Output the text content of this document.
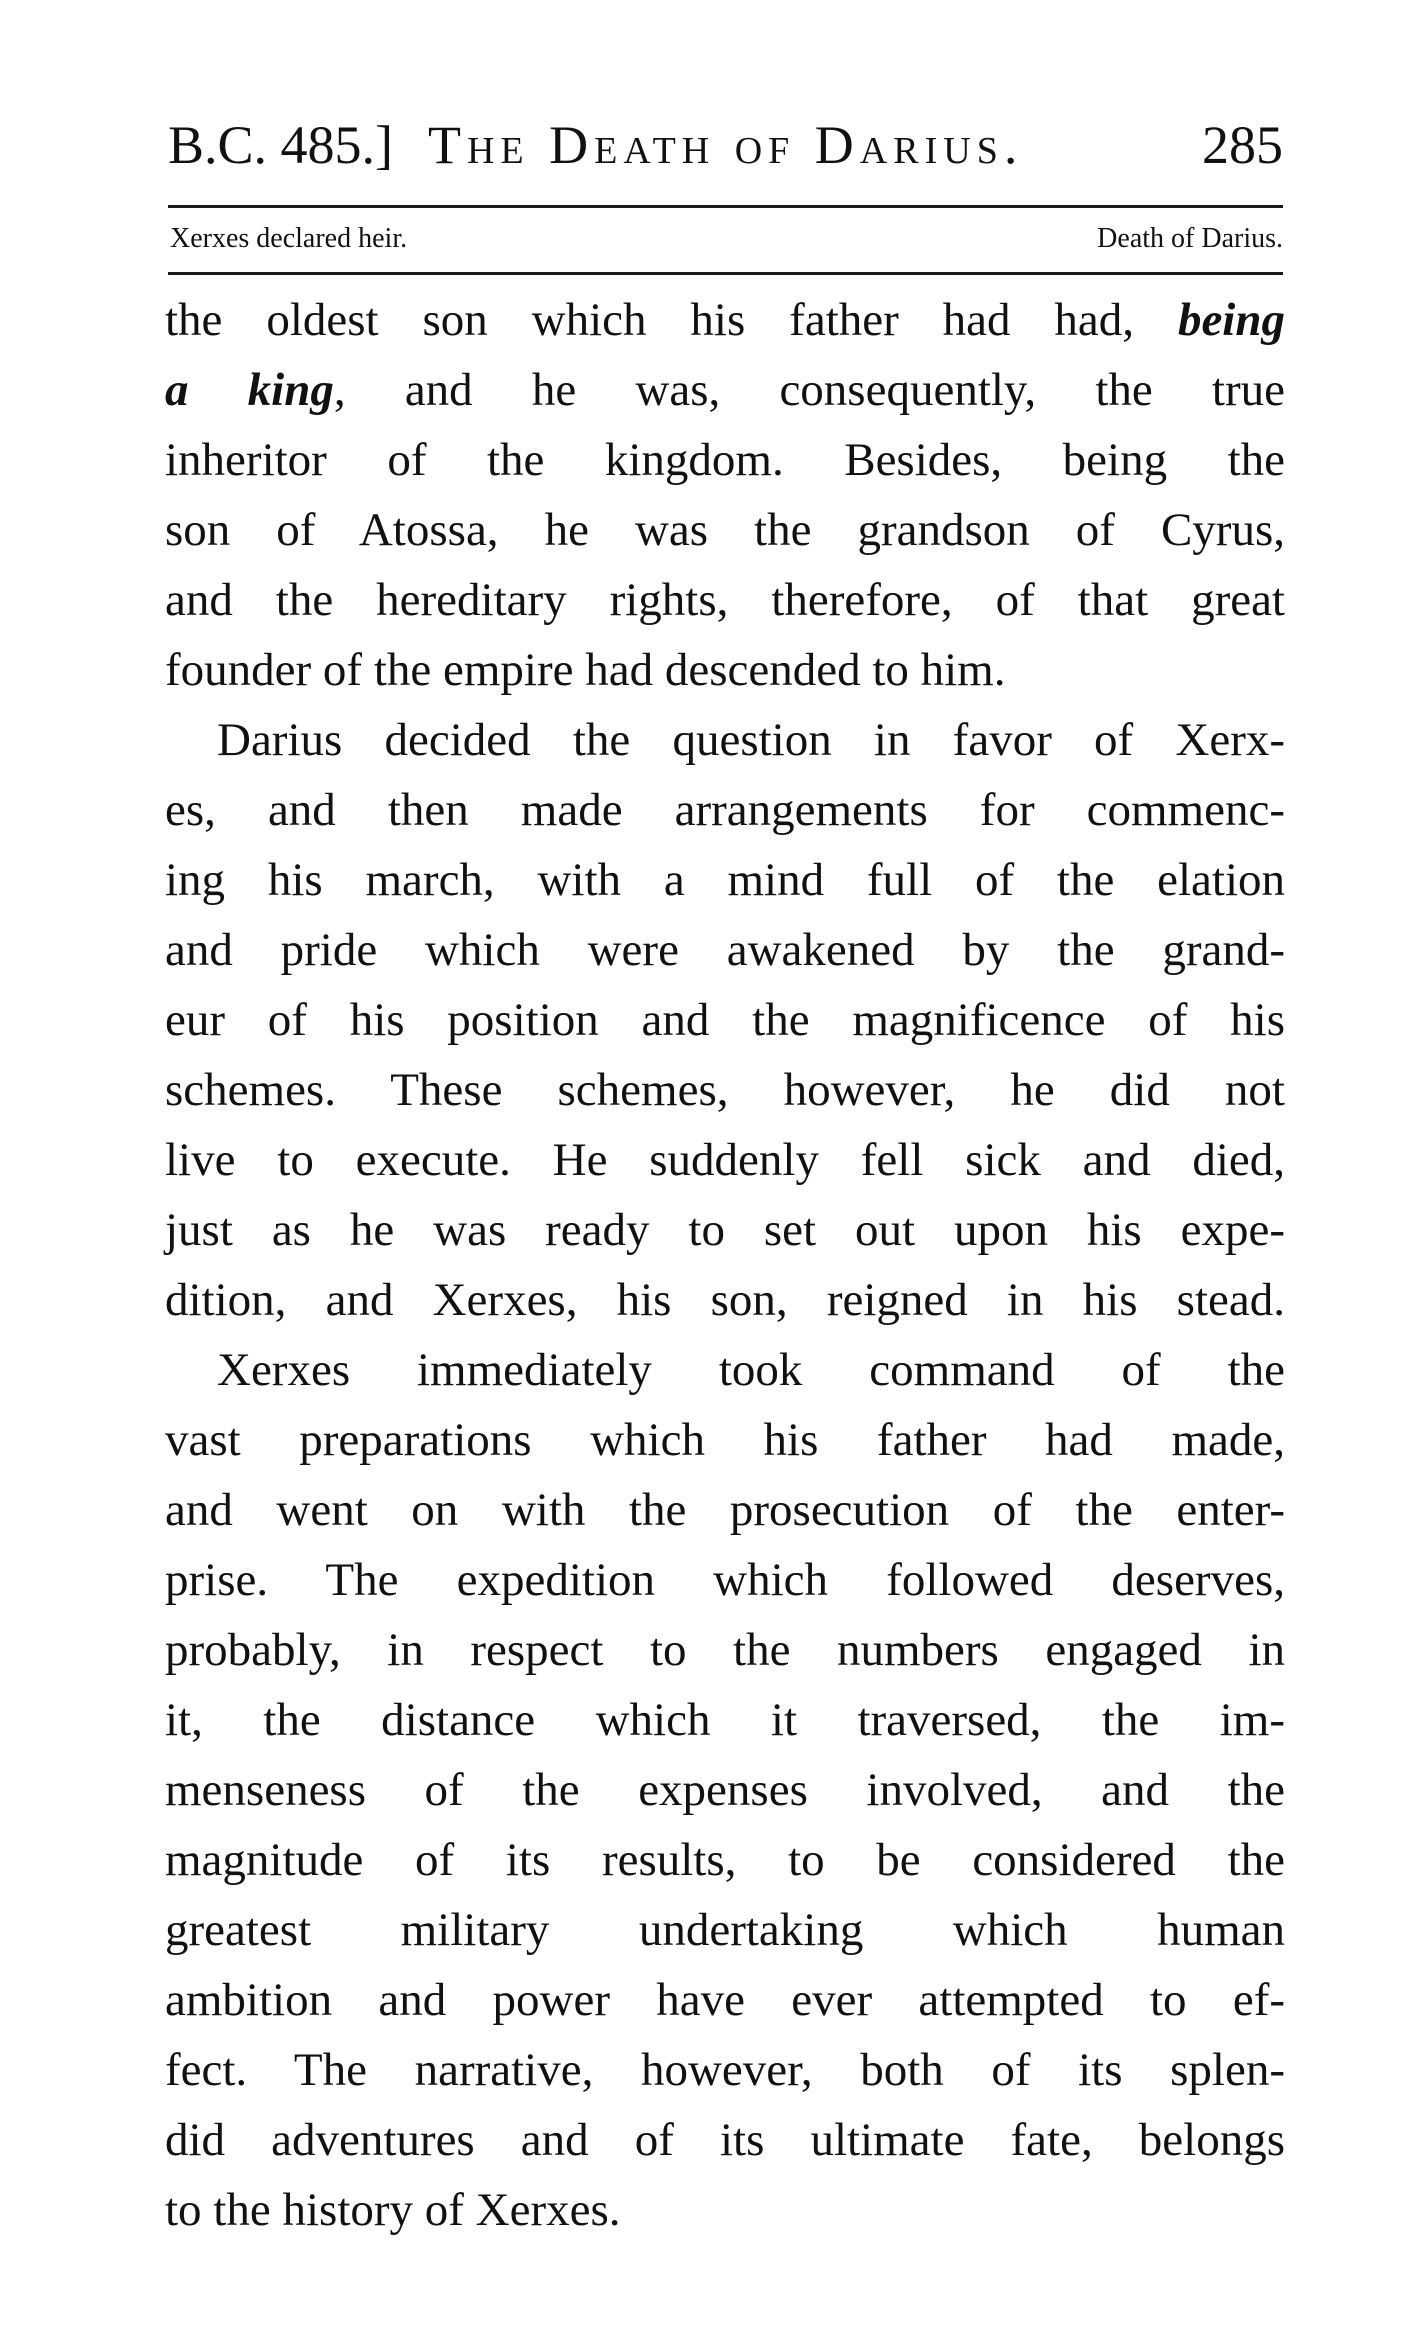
B.C. 485.] The Death of Darius.	285
Xerxes declared heir.	Death of Darius.
the oldest son which his father had had, being
a king, and he was, consequently, the true
inheritor of the kingdom. Besides, being the
son of Atossa, he was the grandson of Cyrus,
and the hereditary rights, therefore, of that great
founder of the empire had descended to him.
Darius decided the question in favor of Xerx-
es, and then made arrangements for commenc-
ing his march, with a mind full of the elation
and pride which were awakened by the grand-
eur of his position and the magnificence of his
schemes. These schemes, however, he did not
live to execute. He suddenly fell sick and died,
just as he was ready to set out upon his expe-
dition, and Xerxes, his son, reigned in his stead.
Xerxes immediately took command of the
vast preparations which his father had made,
and went on with the prosecution of the enter-
prise. The expedition which followed deserves,
probably, in respect to the numbers engaged in
it, the distance which it traversed, the im-
menseness of the expenses involved, and the
magnitude of its results, to be considered the
greatest military undertaking which human
ambition and power have ever attempted to ef-
fect. The narrative, however, both of its splen-
did adventures and of its ultimate fate, belongs
to the history of Xerxes.
